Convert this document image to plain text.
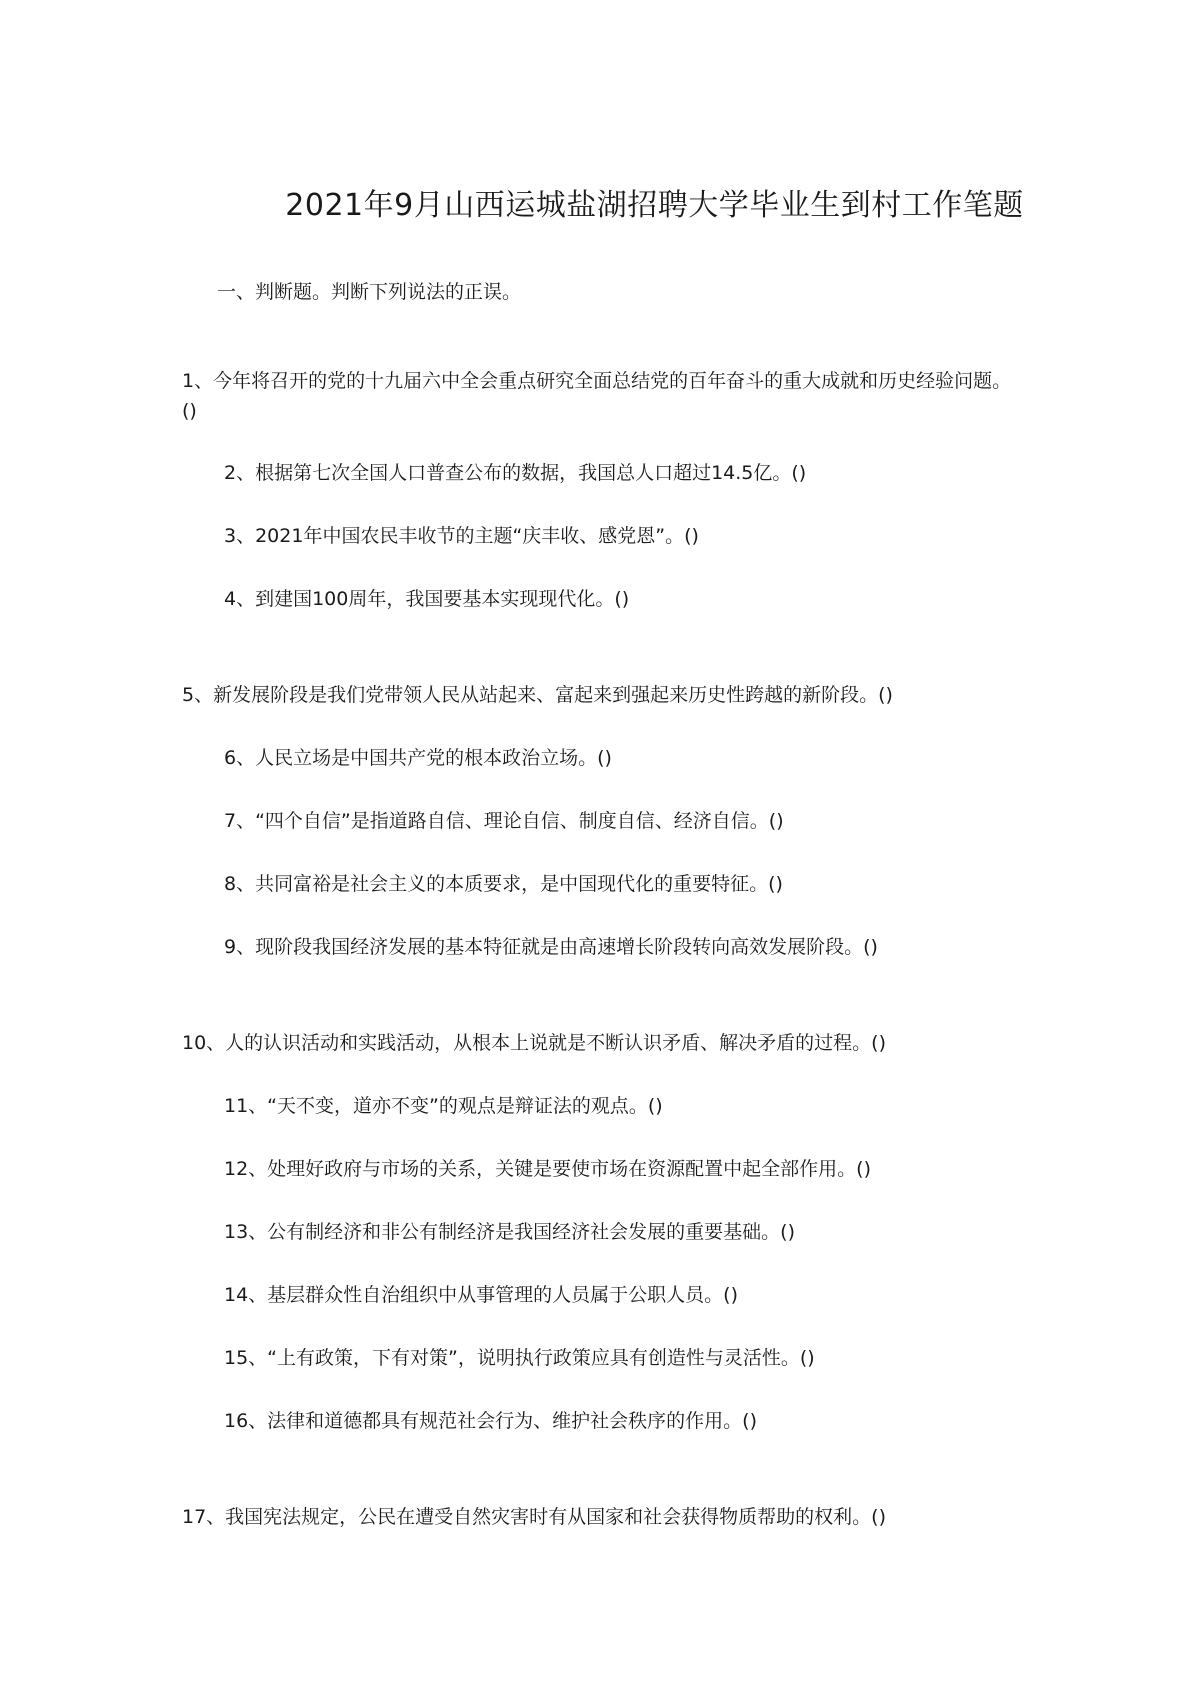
2021年9月山西运城盐湖招聘大学毕业生到村工作笔题

一、判断题。判断下列说法的正误。

1、今年将召开的党的十九届六中全会重点研究全面总结党的百年奋斗的重大成就和历史经验问题。()

2、根据第七次全国人口普查公布的数据，我国总人口超过14.5亿。()

3、2021年中国农民丰收节的主题“庆丰收、感党恩”。()

4、到建国100周年，我国要基本实现现代化。()

5、新发展阶段是我们党带领人民从站起来、富起来到强起来历史性跨越的新阶段。()

6、人民立场是中国共产党的根本政治立场。()

7、“四个自信”是指道路自信、理论自信、制度自信、经济自信。()

8、共同富裕是社会主义的本质要求，是中国现代化的重要特征。()

9、现阶段我国经济发展的基本特征就是由高速增长阶段转向高效发展阶段。()

10、人的认识活动和实践活动，从根本上说就是不断认识矛盾、解决矛盾的过程。()

11、“天不变，道亦不变”的观点是辩证法的观点。()

12、处理好政府与市场的关系，关键是要使市场在资源配置中起全部作用。()

13、公有制经济和非公有制经济是我国经济社会发展的重要基础。()

14、基层群众性自治组织中从事管理的人员属于公职人员。()

15、“上有政策，下有对策”，说明执行政策应具有创造性与灵活性。()

16、法律和道德都具有规范社会行为、维护社会秩序的作用。()

17、我国宪法规定，公民在遭受自然灾害时有从国家和社会获得物质帮助的权利。()
